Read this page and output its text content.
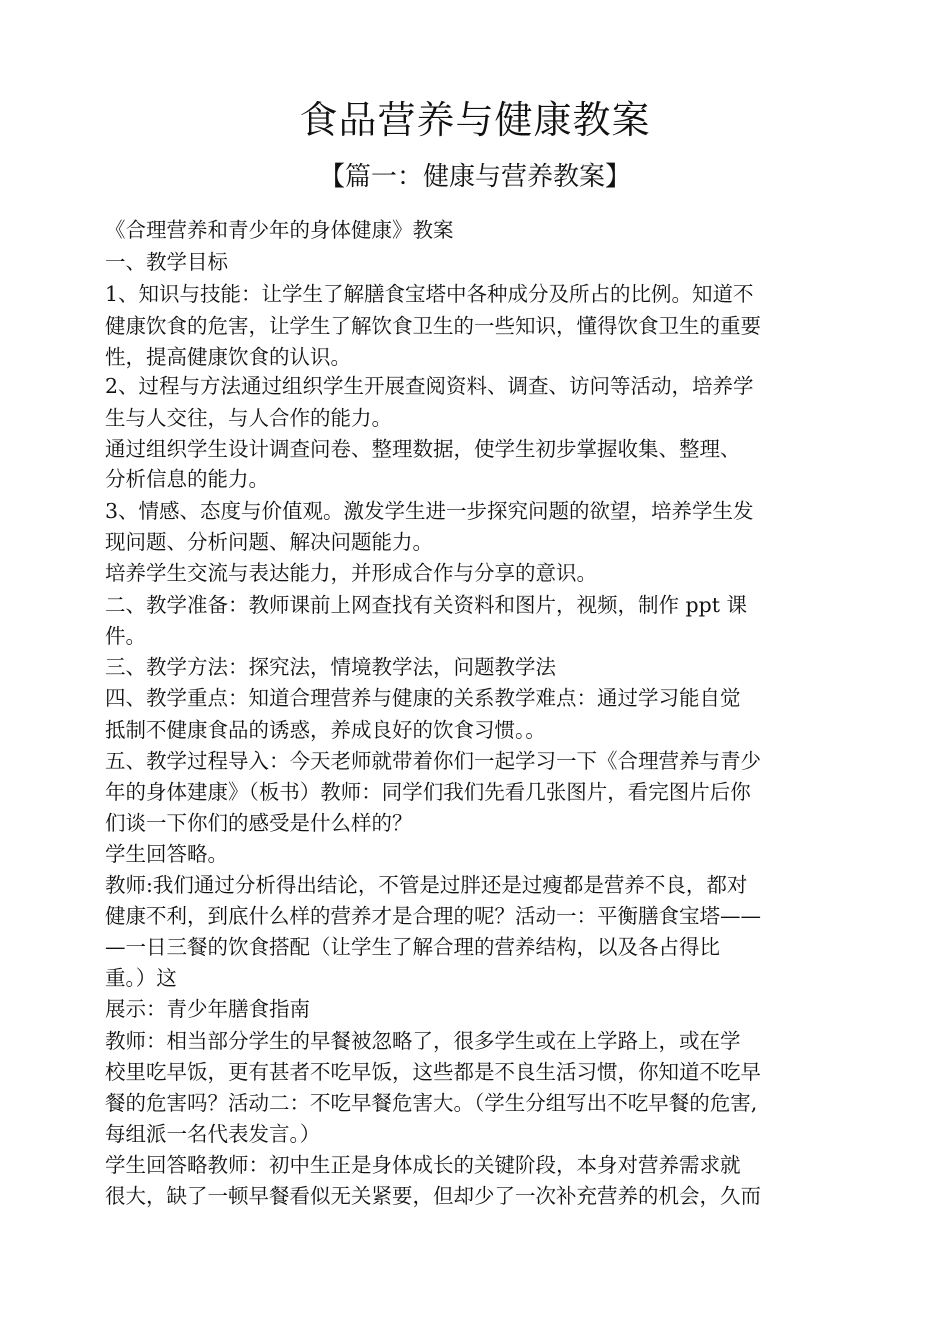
食品营养与健康教案
【篇一：健康与营养教案】
《合理营养和青少年的身体健康》教案
一、教学目标
1、知识与技能：让学生了解膳食宝塔中各种成分及所占的比例。知道不
健康饮食的危害，让学生了解饮食卫生的一些知识，懂得饮食卫生的重要
性，提高健康饮食的认识。
2、过程与方法通过组织学生开展查阅资料、调查、访问等活动，培养学
生与人交往，与人合作的能力。
通过组织学生设计调查问卷、整理数据，使学生初步掌握收集、整理、
分析信息的能力。
3、情感、态度与价值观。激发学生进一步探究问题的欲望，培养学生发
现问题、分析问题、解决问题能力。
培养学生交流与表达能力，并形成合作与分享的意识。
二、教学准备：教师课前上网查找有关资料和图片，视频，制作 ppt 课
件。
三、教学方法：探究法，情境教学法，问题教学法
四、教学重点：知道合理营养与健康的关系教学难点：通过学习能自觉
抵制不健康食品的诱惑，养成良好的饮食习惯。。
五、教学过程导入：今天老师就带着你们一起学习一下《合理营养与青少
年的身体建康》（板书）教师：同学们我们先看几张图片，看完图片后你
们谈一下你们的感受是什么样的？
学生回答略。
教师:我们通过分析得出结论，不管是过胖还是过瘦都是营养不良，都对
健康不利，到底什么样的营养才是合理的呢？活动一：平衡膳食宝塔——
—一日三餐的饮食搭配（让学生了解合理的营养结构，以及各占得比
重。）这
展示：青少年膳食指南
教师：相当部分学生的早餐被忽略了，很多学生或在上学路上，或在学
校里吃早饭，更有甚者不吃早饭，这些都是不良生活习惯，你知道不吃早
餐的危害吗？活动二：不吃早餐危害大。（学生分组写出不吃早餐的危害,
每组派一名代表发言。）
学生回答略教师：初中生正是身体成长的关键阶段，本身对营养需求就
很大，缺了一顿早餐看似无关紧要，但却少了一次补充营养的机会，久而
